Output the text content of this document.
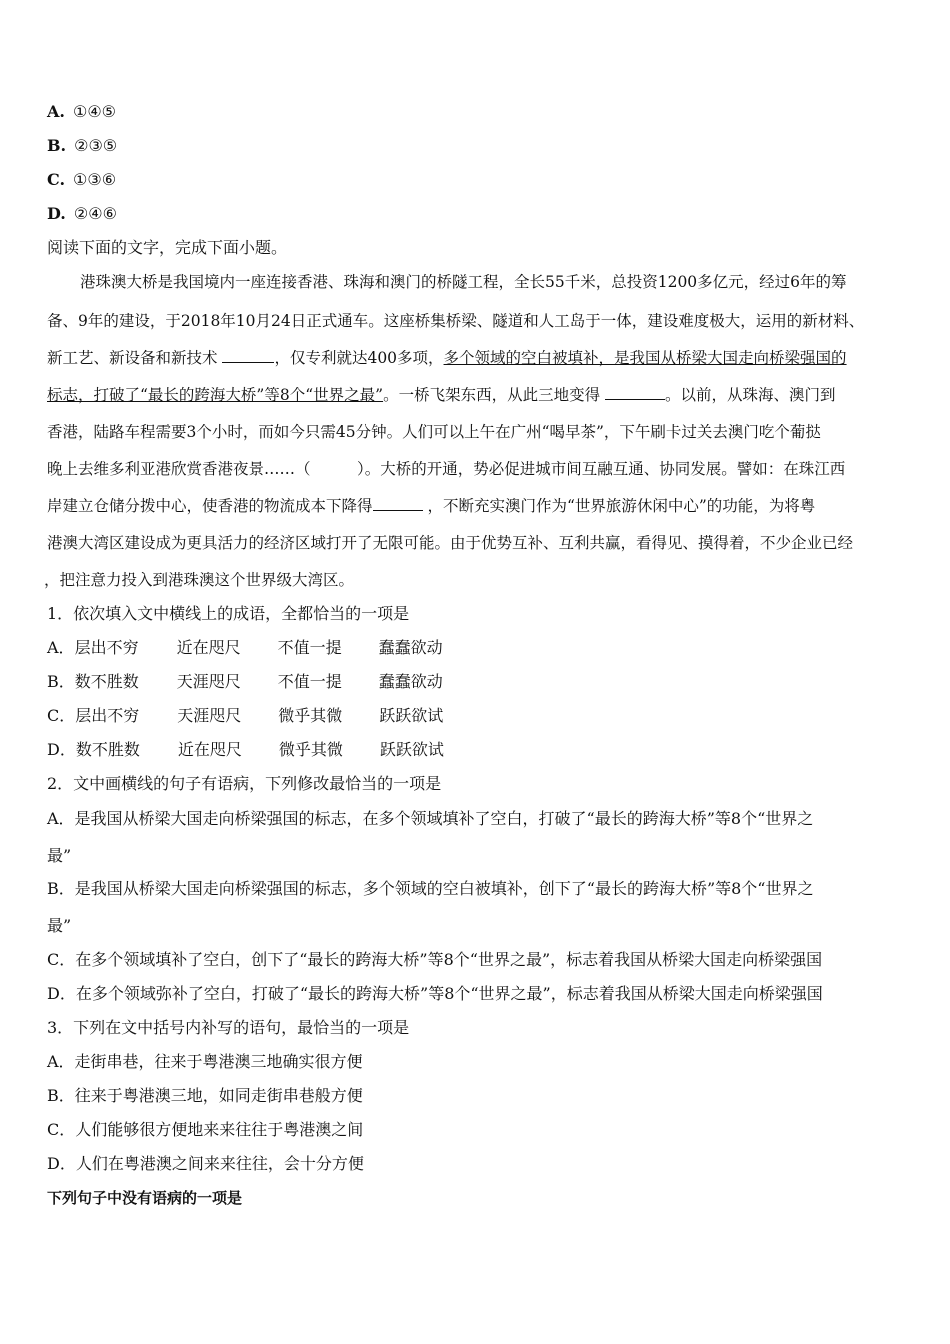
A. ①④⑤
B. ②③⑤
C. ①③⑥
D. ②④⑥
阅读下面的文字，完成下面小题。
港珠澳大桥是我国境内一座连接香港、珠海和澳门的桥隧工程，全长55千米，总投资1200多亿元，经过6年的筹
备、9年的建设，于2018年10月24日正式通车。这座桥集桥梁、隧道和人工岛于一体，建设难度极大，运用的新材料、
新工艺、新设备和新技术	，仅专利就达400多项，多个领域的空白被填补，是我国从桥梁大国走向桥梁强国的
标志，打破了“最长的跨海大桥”等8个“世界之最”。一桥飞架东西，从此三地变得	。以前，从珠海、澳门到
香港，陆路车程需要3个小时，而如今只需45分钟。人们可以上午在广州“喝早茶”，下午刷卡过关去澳门吃个葡挞
晚上去维多利亚港欣赏香港夜景……（　　　）。大桥的开通，势必促进城市间互融互通、协同发展。譬如：在珠江西
岸建立仓储分拨中心，使香港的物流成本下降得	，不断充实澳门作为“世界旅游休闲中心”的功能，为将粤
港澳大湾区建设成为更具活力的经济区域打开了无限可能。由于优势互补、互利共赢，看得见、摸得着，不少企业已经
，把注意力投入到港珠澳这个世界级大湾区。
1．依次填入文中横线上的成语，全都恰当的一项是
A．层出不穷 近在咫尺 不值一提 蠢蠢欲动
B．数不胜数 天涯咫尺 不值一提 蠢蠢欲动
C．层出不穷 天涯咫尺 微乎其微 跃跃欲试
D．数不胜数 近在咫尺 微乎其微 跃跃欲试
2．文中画横线的句子有语病，下列修改最恰当的一项是
A．是我国从桥梁大国走向桥梁强国的标志，在多个领域填补了空白，打破了“最长的跨海大桥”等8个“世界之
最”
B．是我国从桥梁大国走向桥梁强国的标志，多个领域的空白被填补，创下了“最长的跨海大桥”等8个“世界之
最”
C．在多个领域填补了空白，创下了“最长的跨海大桥”等8个“世界之最”，标志着我国从桥梁大国走向桥梁强国
D．在多个领域弥补了空白，打破了“最长的跨海大桥”等8个“世界之最”，标志着我国从桥梁大国走向桥梁强国
3．下列在文中括号内补写的语句，最恰当的一项是
A．走街串巷，往来于粤港澳三地确实很方便
B．往来于粤港澳三地，如同走街串巷般方便
C．人们能够很方便地来来往往于粤港澳之间
D．人们在粤港澳之间来来往往，会十分方便
下列句子中没有语病的一项是
